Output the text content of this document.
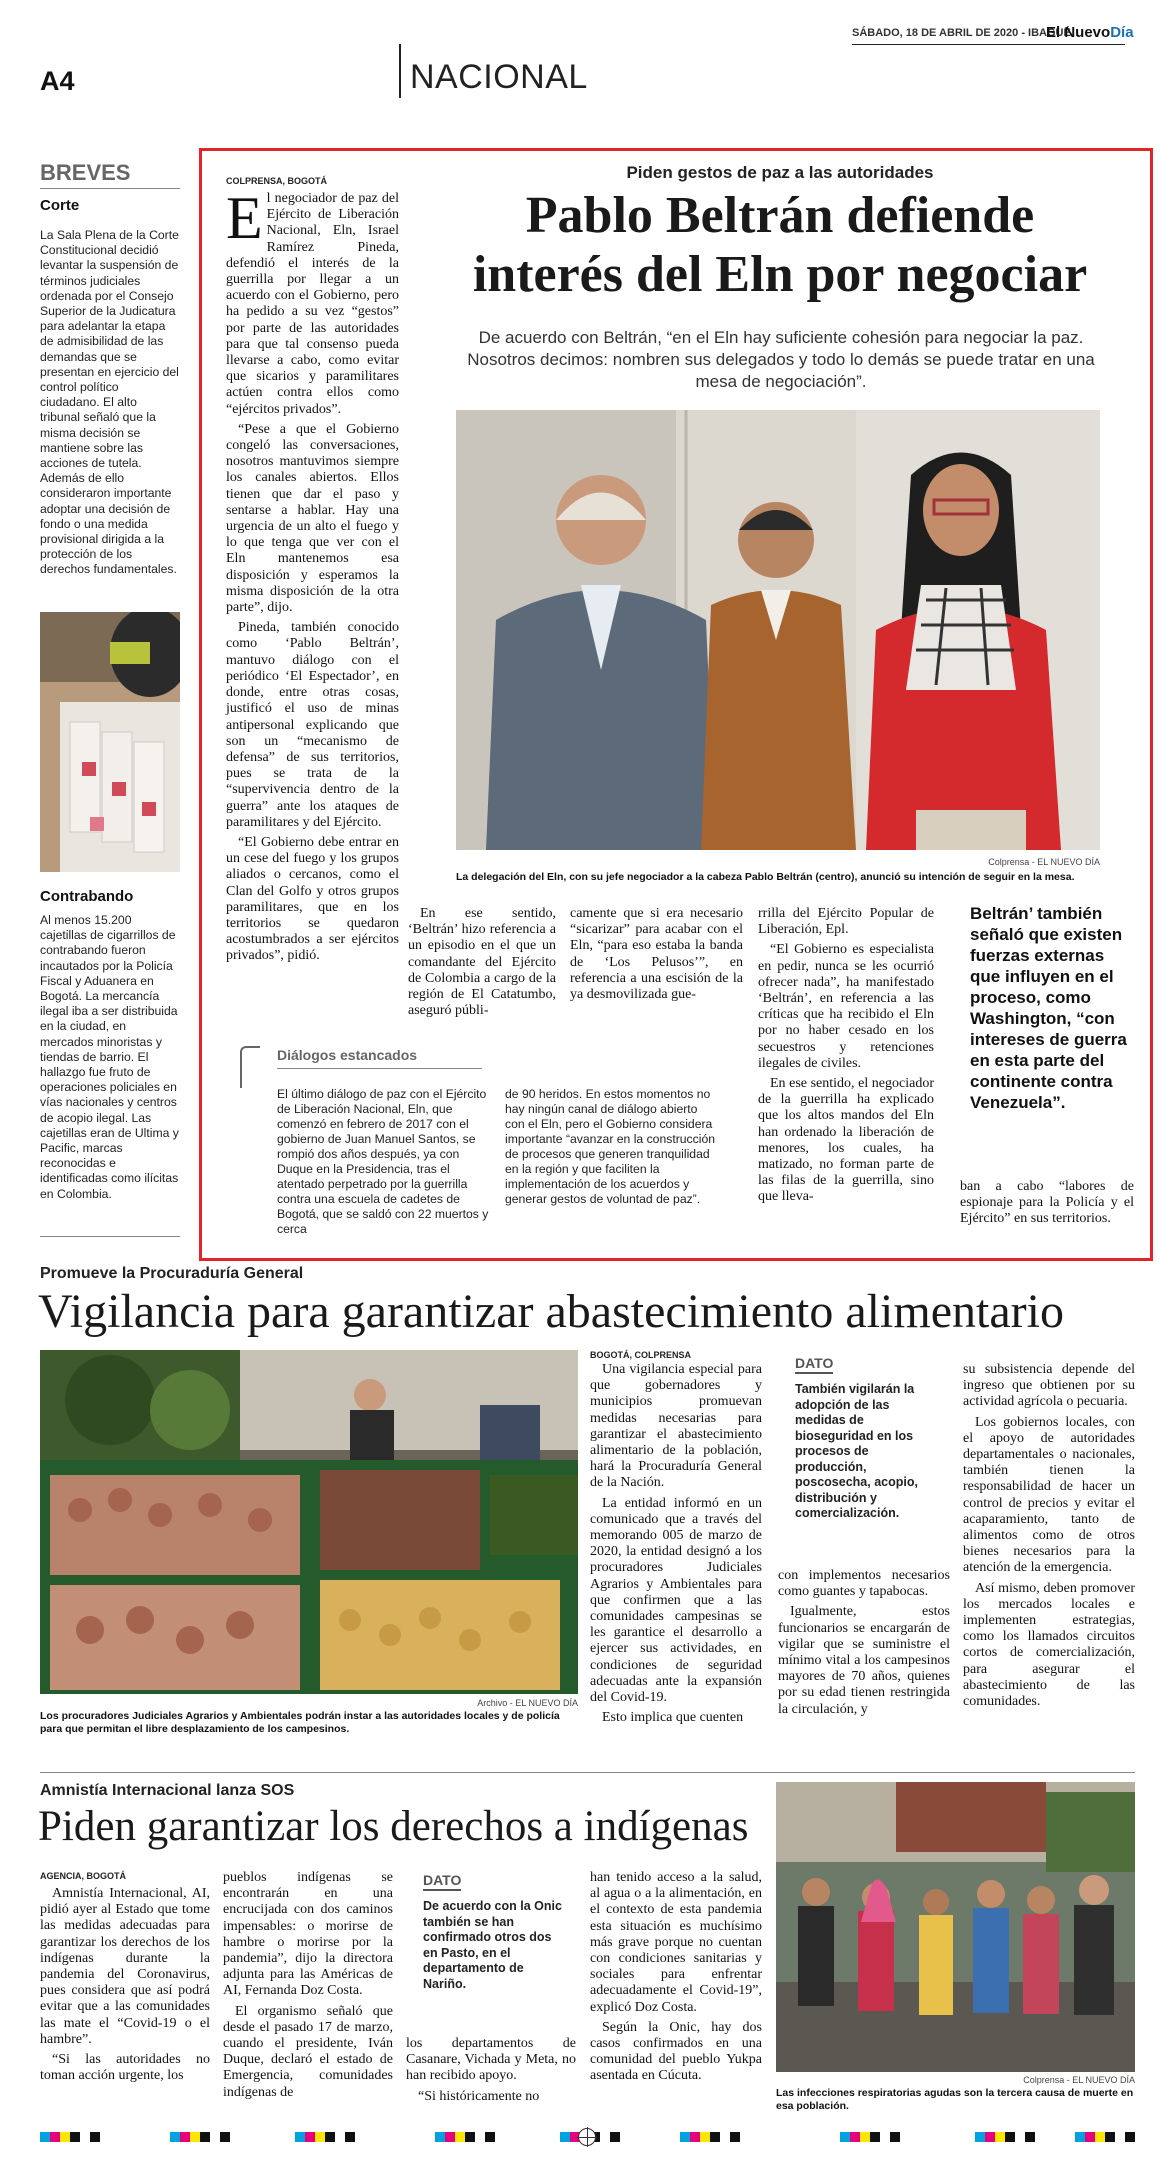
SÁBADO, 18 DE ABRIL DE 2020 - IBAGUÉ
El NuevoDía
A4	NACIONAL
BREVES
Corte

La Sala Plena de la Corte Constitucional decidió levantar la suspensión de términos judiciales ordenada por el Consejo Superior de la Judicatura para adelantar la etapa de admisibilidad de las demandas que se presentan en ejercicio del control político ciudadano. El alto tribunal señaló que la misma decisión se mantiene sobre las acciones de tutela. Además de ello consideraron importante adoptar una decisión de fondo o una medida provisional dirigida a la protección de los derechos fundamentales.

Contrabando

Al menos 15.200 cajetillas de cigarrillos de contrabando fueron incautados por la Policía Fiscal y Aduanera en Bogotá. La mercancía ilegal iba a ser distribuida en la ciudad, en mercados minoristas y tiendas de barrio. El hallazgo fue fruto de operaciones policiales en vías nacionales y centros de acopio ilegal. Las cajetillas eran de Ultima y Pacific, marcas reconocidas e identificadas como ilícitas en Colombia.

COLPRENSA, BOGOTÁ

El negociador de paz del Ejército de Liberación Nacional, Eln, Israel Ramírez Pineda, defendió el interés de la guerrilla por llegar a un acuerdo con el Gobierno, pero ha pedido a su vez “gestos” por parte de las autoridades para que tal consenso pueda llevarse a cabo, como evitar que sicarios y paramilitares actúen contra ellos como “ejércitos privados”.

“Pese a que el Gobierno congeló las conversaciones, nosotros mantuvimos siempre los canales abiertos. Ellos tienen que dar el paso y sentarse a hablar. Hay una urgencia de un alto el fuego y lo que tenga que ver con el Eln mantenemos esa disposición y esperamos la misma disposición de la otra parte”, dijo.

Pineda, también conocido como ‘Pablo Beltrán’, mantuvo diálogo con el periódico ‘El Espectador’, en donde, entre otras cosas, justificó el uso de minas antipersonal explicando que son un “mecanismo de defensa” de sus territorios, pues se trata de la “supervivencia dentro de la guerra” ante los ataques de paramilitares y del Ejército.

“El Gobierno debe entrar en un cese del fuego y los grupos aliados o cercanos, como el Clan del Golfo y otros grupos paramilitares, que en los territorios se quedaron acostumbrados a ser ejércitos privados”, pidió.

Piden gestos de paz a las autoridades
Pablo Beltrán defiende
interés del Eln por negociar

De acuerdo con Beltrán, “en el Eln hay suficiente cohesión para negociar la paz. Nosotros decimos: nombren sus delegados y todo lo demás se puede tratar en una mesa de negociación”.

Colprensa - EL NUEVO DÍA
La delegación del Eln, con su jefe negociador a la cabeza Pablo Beltrán (centro), anunció su intención de seguir en la mesa.

En ese sentido, ‘Beltrán’ hizo referencia a un episodio en el que un comandante del Ejército de Colombia a cargo de la región de El Catatumbo, aseguró públi-

camente que si era necesario “sicarizar” para acabar con el Eln, “para eso estaba la banda de ‘Los Pelusos’”, en referencia a una escisión de la ya desmovilizada gue-

rrilla del Ejército Popular de Liberación, Epl.

“El Gobierno es especialista en pedir, nunca se les ocurrió ofrecer nada”, ha manifestado ‘Beltrán’, en referencia a las críticas que ha recibido el Eln por no haber cesado en los secuestros y retenciones ilegales de civiles.

En ese sentido, el negociador de la guerrilla ha explicado que los altos mandos del Eln han ordenado la liberación de menores, los cuales, ha matizado, no forman parte de las filas de la guerrilla, sino que lleva-

Beltrán’ también señaló que existen fuerzas externas que influyen en el proceso, como Washington, “con intereses de guerra en esta parte del continente contra Venezuela”.

ban a cabo “labores de espionaje para la Policía y el Ejército” en sus territorios.

Diálogos estancados

El último diálogo de paz con el Ejército de Liberación Nacional, Eln, que comenzó en febrero de 2017 con el gobierno de Juan Manuel Santos, se rompió dos años después, ya con Duque en la Presidencia, tras el atentado perpetrado por la guerrilla contra una escuela de cadetes de Bogotá, que se saldó con 22 muertos y cerca

de 90 heridos. En estos momentos no hay ningún canal de diálogo abierto con el Eln, pero el Gobierno considera importante “avanzar en la construcción de procesos que generen tranquilidad en la región y que faciliten la implementación de los acuerdos y generar gestos de voluntad de paz”.

Promueve la Procuraduría General
Vigilancia para garantizar abastecimiento alimentario
Archivo - EL NUEVO DÍA

Los procuradores Judiciales Agrarios y Ambientales podrán instar a las autoridades locales y de policía para que permitan el libre desplazamiento de los campesinos.

BOGOTÁ, COLPRENSA

Una vigilancia especial para que gobernadores y municipios promuevan medidas necesarias para garantizar el abastecimiento alimentario de la población, hará la Procuraduría General de la Nación.

La entidad informó en un comunicado que a través del memorando 005 de marzo de 2020, la entidad designó a los procuradores Judiciales Agrarios y Ambientales para que confirmen que a las comunidades campesinas se les garantice el desarrollo a ejercer sus actividades, en condiciones de seguridad adecuadas ante la expansión del Covid-19.

Esto implica que cuenten

DATO

También vigilarán la adopción de las medidas de bioseguridad en los procesos de producción, poscosecha, acopio, distribución y comercialización.

con implementos necesarios como guantes y tapabocas.

Igualmente, estos funcionarios se encargarán de vigilar que se suministre el mínimo vital a los campesinos mayores de 70 años, quienes por su edad tienen restringida la circulación, y

su subsistencia depende del ingreso que obtienen por su actividad agrícola o pecuaria.

Los gobiernos locales, con el apoyo de autoridades departamentales o nacionales, también tienen la responsabilidad de hacer un control de precios y evitar el acaparamiento, tanto de alimentos como de otros bienes necesarios para la atención de la emergencia.

Así mismo, deben promover los mercados locales e implementen estrategias, como los llamados circuitos cortos de comercialización, para asegurar el abastecimiento de las comunidades.

Amnistía Internacional lanza SOS
Piden garantizar los derechos a indígenas
AGENCIA, BOGOTÁ

Amnistía Internacional, AI, pidió ayer al Estado que tome las medidas adecuadas para garantizar los derechos de los indígenas durante la pandemia del Coronavirus, pues considera que así podrá evitar que a las comunidades las mate el “Covid-19 o el hambre”.

“Si las autoridades no toman acción urgente, los

pueblos indígenas se encontrarán en una encrucijada con dos caminos impensables: o morirse de hambre o morirse por la pandemia”, dijo la directora adjunta para las Américas de AI, Fernanda Doz Costa.

El organismo señaló que desde el pasado 17 de marzo, cuando el presidente, Iván Duque, declaró el estado de Emergencia, comunidades indígenas de

DATO

De acuerdo con la Onic también se han confirmado otros dos en Pasto, en el departamento de Nariño.

los departamentos de Casanare, Vichada y Meta, no han recibido apoyo.

“Si históricamente no

han tenido acceso a la salud, al agua o a la alimentación, en el contexto de esta pandemia esta situación es muchísimo más grave porque no cuentan con condiciones sanitarias y sociales para enfrentar adecuadamente el Covid-19”, explicó Doz Costa.

Según la Onic, hay dos casos confirmados en una comunidad del pueblo Yukpa asentada en Cúcuta.	Colprensa - EL NUEVO DÍA

Las infecciones respiratorias agudas son la tercera causa de muerte en esa población.
